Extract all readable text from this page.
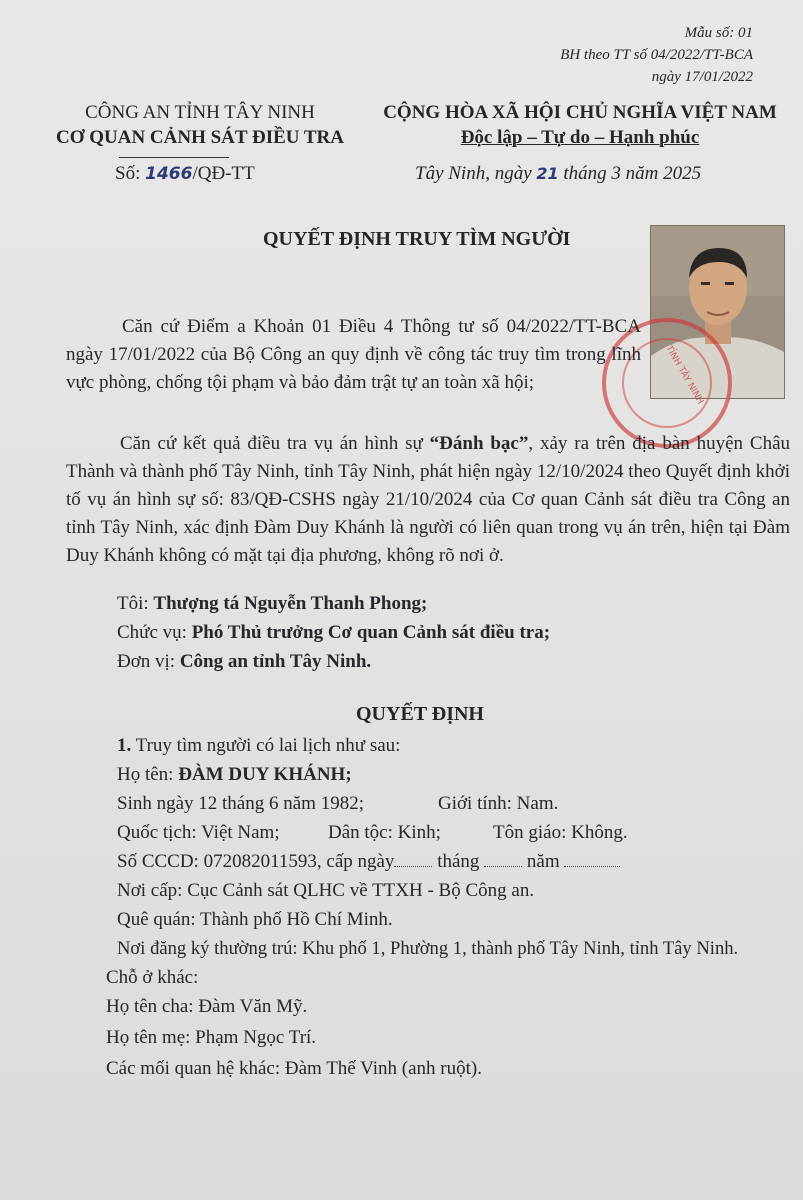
Mẫu số: 01
BH theo TT số 04/2022/TT-BCA
ngày 17/01/2022
CÔNG AN TỈNH TÂY NINH
CƠ QUAN CẢNH SÁT ĐIỀU TRA
Số: 1466/QĐ-TT
CỘNG HÒA XÃ HỘI CHỦ NGHĨA VIỆT NAM
Độc lập – Tự do – Hạnh phúc
Tây Ninh, ngày 21 tháng 3 năm 2025
QUYẾT ĐỊNH TRUY TÌM NGƯỜI
TỈNH TÂY NINH
Căn cứ Điểm a Khoản 01 Điều 4 Thông tư số 04/2022/TT-BCA ngày 17/01/2022 của Bộ Công an quy định về công tác truy tìm trong lĩnh vực phòng, chống tội phạm và bảo đảm trật tự an toàn xã hội;
Căn cứ kết quả điều tra vụ án hình sự “Đánh bạc”, xảy ra trên địa bàn huyện Châu Thành và thành phố Tây Ninh, tỉnh Tây Ninh, phát hiện ngày 12/10/2024 theo Quyết định khởi tố vụ án hình sự số: 83/QĐ-CSHS ngày 21/10/2024 của Cơ quan Cảnh sát điều tra Công an tỉnh Tây Ninh, xác định Đàm Duy Khánh là người có liên quan trong vụ án trên, hiện tại Đàm Duy Khánh không có mặt tại địa phương, không rõ nơi ở.
Tôi: Thượng tá Nguyễn Thanh Phong;
Chức vụ: Phó Thủ trưởng Cơ quan Cảnh sát điều tra;
Đơn vị: Công an tỉnh Tây Ninh.
QUYẾT ĐỊNH
1. Truy tìm người có lai lịch như sau:
Họ tên: ĐÀM DUY KHÁNH;
Sinh ngày 12 tháng 6 năm 1982;	Giới tính: Nam.
Quốc tịch: Việt Nam;	Dân tộc: Kinh;	Tôn giáo: Không.
Số CCCD: 072082011593, cấp ngày tháng	năm
Nơi cấp: Cục Cảnh sát QLHC về TTXH - Bộ Công an.
Quê quán: Thành phố Hồ Chí Minh.
Nơi đăng ký thường trú: Khu phố 1, Phường 1, thành phố Tây Ninh, tỉnh Tây Ninh.
Chỗ ở khác:
Họ tên cha: Đàm Văn Mỹ.
Họ tên mẹ: Phạm Ngọc Trí.
Các mối quan hệ khác: Đàm Thế Vinh (anh ruột).
